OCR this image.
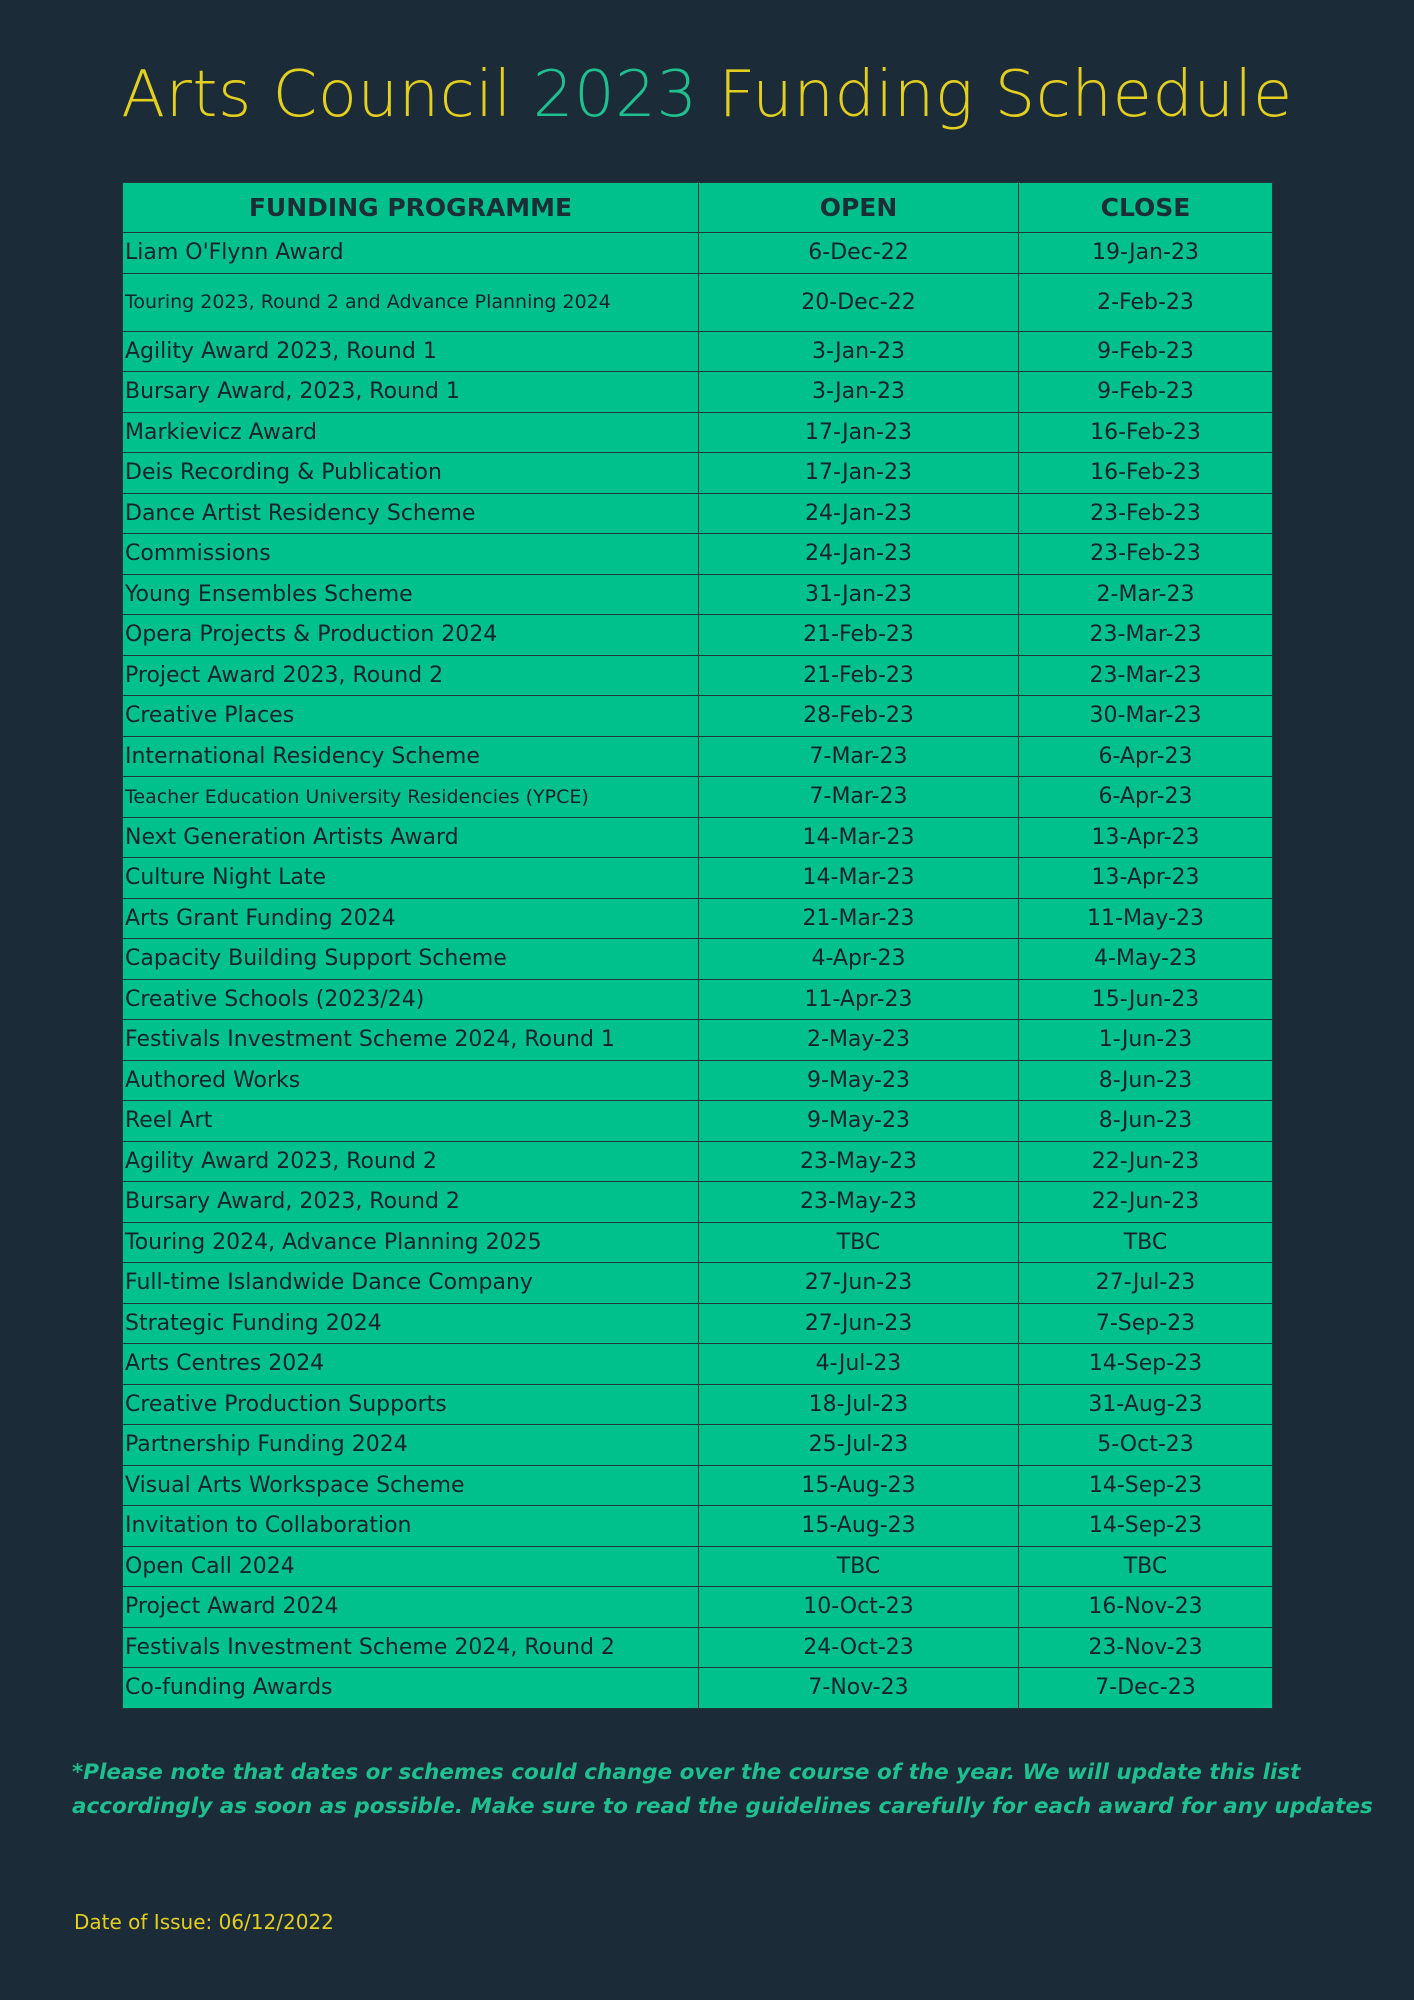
Arts Council 2023 Funding Schedule
FUNDING PROGRAMME	OPEN	CLOSE
Liam O'Flynn Award	6-Dec-22	19-Jan-23
Touring 2023, Round 2 and Advance Planning 2024	20-Dec-22	2-Feb-23
Agility Award 2023, Round 1	3-Jan-23	9-Feb-23
Bursary Award, 2023, Round 1	3-Jan-23	9-Feb-23
Markievicz Award	17-Jan-23	16-Feb-23
Deis Recording & Publication	17-Jan-23	16-Feb-23
Dance Artist Residency Scheme	24-Jan-23	23-Feb-23
Commissions	24-Jan-23	23-Feb-23
Young Ensembles Scheme	31-Jan-23	2-Mar-23
Opera Projects & Production 2024	21-Feb-23	23-Mar-23
Project Award 2023, Round 2	21-Feb-23	23-Mar-23
Creative Places	28-Feb-23	30-Mar-23
International Residency Scheme	7-Mar-23	6-Apr-23
Teacher Education University Residencies (YPCE)	7-Mar-23	6-Apr-23
Next Generation Artists Award	14-Mar-23	13-Apr-23
Culture Night Late	14-Mar-23	13-Apr-23
Arts Grant Funding 2024	21-Mar-23	11-May-23
Capacity Building Support Scheme	4-Apr-23	4-May-23
Creative Schools (2023/24)	11-Apr-23	15-Jun-23
Festivals Investment Scheme 2024, Round 1	2-May-23	1-Jun-23
Authored Works	9-May-23	8-Jun-23
Reel Art	9-May-23	8-Jun-23
Agility Award 2023, Round 2	23-May-23	22-Jun-23
Bursary Award, 2023, Round 2	23-May-23	22-Jun-23
Touring 2024, Advance Planning 2025	TBC	TBC
Full-time Islandwide Dance Company	27-Jun-23	27-Jul-23
Strategic Funding 2024	27-Jun-23	7-Sep-23
Arts Centres 2024	4-Jul-23	14-Sep-23
Creative Production Supports	18-Jul-23	31-Aug-23
Partnership Funding 2024	25-Jul-23	5-Oct-23
Visual Arts Workspace Scheme	15-Aug-23	14-Sep-23
Invitation to Collaboration	15-Aug-23	14-Sep-23
Open Call 2024	TBC	TBC
Project Award 2024	10-Oct-23	16-Nov-23
Festivals Investment Scheme 2024, Round 2	24-Oct-23	23-Nov-23
Co-funding Awards	7-Nov-23	7-Dec-23
*Please note that dates or schemes could change over the course of the year. We will update this list
accordingly as soon as possible. Make sure to read the guidelines carefully for each award for any updates
Date of Issue: 06/12/2022
